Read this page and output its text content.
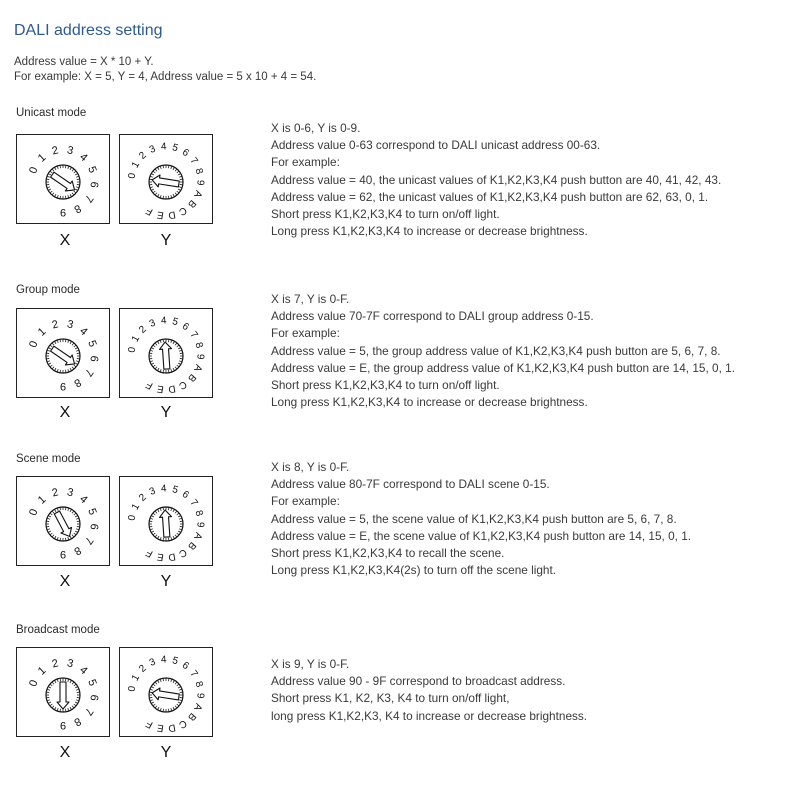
DALI address setting
Address value = X * 10 + Y.
For example: X = 5, Y = 4, Address value = 5 x 10 + 4 = 54.
Unicast mode
0
1
2 3
4
5
6
7
8
9
0
1
2
3 4 5 6
7
8
9
A
B
C
D
E
F
X	Y
X is 0-6, Y is 0-9.
Address value 0-63 correspond to DALI unicast address 00-63.
For example:
Address value = 40, the unicast values of K1,K2,K3,K4 push button are 40, 41, 42, 43.
Address value = 62, the unicast values of K1,K2,K3,K4 push button are 62, 63, 0, 1.
Short press K1,K2,K3,K4 to turn on/off light.
Long press K1,K2,K3,K4 to increase or decrease brightness.
Group mode
0
1
2 3
4
5
6
7
8
9
0
1
2
3 4 5 6
7
8
9
A
B
C
D
E
F
X	Y
X is 7, Y is 0-F.
Address value 70-7F correspond to DALI group address 0-15.
For example:
Address value = 5, the group address value of K1,K2,K3,K4 push button are 5, 6, 7, 8.
Address value = E, the group address value of K1,K2,K3,K4 push button are 14, 15, 0, 1.
Short press K1,K2,K3,K4 to turn on/off light.
Long press K1,K2,K3,K4 to increase or decrease brightness.
Scene mode
0
1
2 3
4
5
6
7
8
9
0
1
2
3 4 5 6
7
8
9
A
B
C
D
E
F
X	Y
X is 8, Y is 0-F.
Address value 80-7F correspond to DALI scene 0-15.
For example:
Address value = 5, the scene value of K1,K2,K3,K4 push button are 5, 6, 7, 8.
Address value = E, the scene value of K1,K2,K3,K4 push button are 14, 15, 0, 1.
Short press K1,K2,K3,K4 to recall the scene.
Long press K1,K2,K3,K4(2s) to turn off the scene light.
Broadcast mode
0
1
2 3
4
5
6
7
8
9
0
1
2
3 4 5 6
7
8
9
A
B
C
D
E
F
X	Y
X is 9, Y is 0-F.
Address value 90 - 9F correspond to broadcast address.
Short press K1, K2, K3, K4 to turn on/off light,
long press K1,K2,K3, K4 to increase or decrease brightness.
